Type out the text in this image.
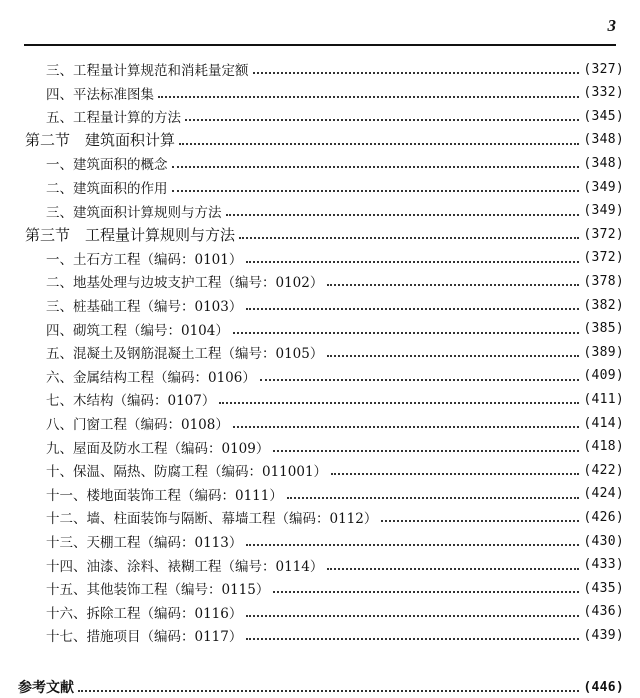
3
三、工程量计算规范和消耗量定额	(327)
四、平法标准图集	(332)
五、工程量计算的方法	(345)
第二节　建筑面积计算	(348)
一、建筑面积的概念	(348)
二、建筑面积的作用	(349)
三、建筑面积计算规则与方法	(349)
第三节　工程量计算规则与方法	(372)
一、土石方工程（编码：0101）	(372)
二、地基处理与边坡支护工程（编号：0102）	(378)
三、桩基础工程（编号：0103）	(382)
四、砌筑工程（编号：0104）	(385)
五、混凝土及钢筋混凝土工程（编号：0105）	(389)
六、金属结构工程（编码：0106）	(409)
七、木结构（编码：0107）	(411)
八、门窗工程（编码：0108）	(414)
九、屋面及防水工程（编码：0109）	(418)
十、保温、隔热、防腐工程（编码：011001）	(422)
十一、楼地面装饰工程（编码：0111）	(424)
十二、墙、柱面装饰与隔断、幕墙工程（编码：0112）	(426)
十三、天棚工程（编码：0113）	(430)
十四、油漆、涂料、裱糊工程（编号：0114）	(433)
十五、其他装饰工程（编号：0115）	(435)
十六、拆除工程（编码：0116）	(436)
十七、措施项目（编码：0117）	(439)
参考文献	(446)
